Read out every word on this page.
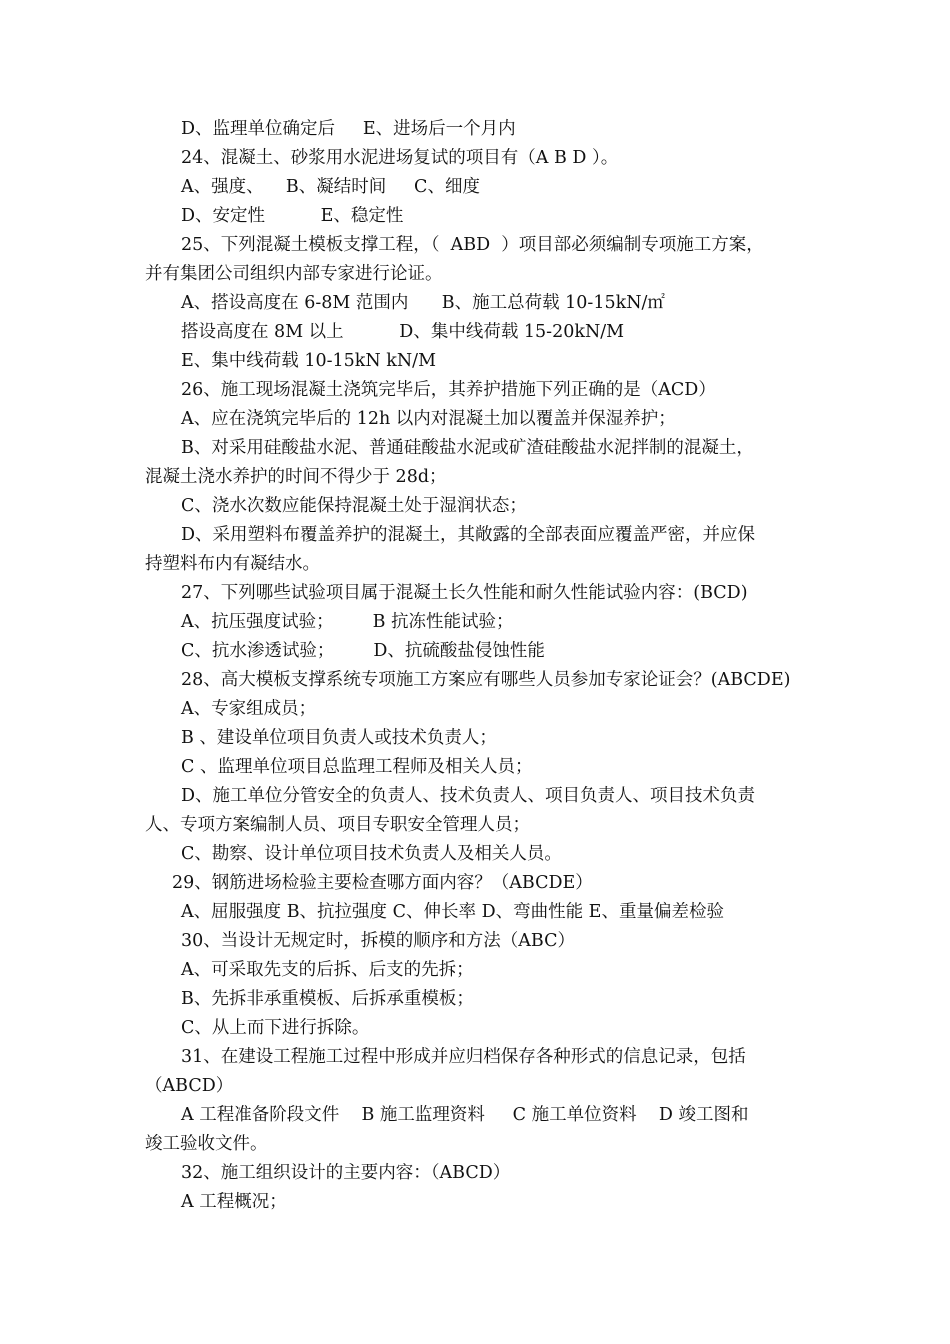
D、监理单位确定后     E、进场后一个月内
24、混凝土、砂浆用水泥进场复试的项目有（A B D ）。
A、强度、    B、凝结时间     C、细度
D、安定性          E、稳定性
25、下列混凝土模板支撑工程，（  ABD  ）项目部必须编制专项施工方案，
并有集团公司组织内部专家进行论证。
A、搭设高度在 6-8M 范围内      B、施工总荷载 10-15kN/㎡
搭设高度在 8M 以上          D、集中线荷载 15-20kN/M
E、集中线荷载 10-15kN kN/M
26、施工现场混凝土浇筑完毕后，其养护措施下列正确的是（ACD）
A、应在浇筑完毕后的 12h 以内对混凝土加以覆盖并保湿养护；
B、对采用硅酸盐水泥、普通硅酸盐水泥或矿渣硅酸盐水泥拌制的混凝土，
混凝土浇水养护的时间不得少于 28d；
C、浇水次数应能保持混凝土处于湿润状态；
D、采用塑料布覆盖养护的混凝土，其敞露的全部表面应覆盖严密，并应保
持塑料布内有凝结水。
27、下列哪些试验项目属于混凝土长久性能和耐久性能试验内容：(BCD)
A、抗压强度试验；       B 抗冻性能试验；
C、抗水渗透试验；       D、抗硫酸盐侵蚀性能
28、高大模板支撑系统专项施工方案应有哪些人员参加专家论证会？(ABCDE)
A、专家组成员；
B 、建设单位项目负责人或技术负责人；
C 、监理单位项目总监理工程师及相关人员；
D、施工单位分管安全的负责人、技术负责人、项目负责人、项目技术负责
人、专项方案编制人员、项目专职安全管理人员；
C、勘察、设计单位项目技术负责人及相关人员。
29、钢筋进场检验主要检查哪方面内容？（ABCDE）
A、屈服强度 B、抗拉强度 C、伸长率 D、弯曲性能 E、重量偏差检验
30、当设计无规定时，拆模的顺序和方法（ABC）
A、可采取先支的后拆、后支的先拆；
B、先拆非承重模板、后拆承重模板；
C、从上而下进行拆除。
31、在建设工程施工过程中形成并应归档保存各种形式的信息记录，包括
（ABCD）
A 工程准备阶段文件    B 施工监理资料     C 施工单位资料    D 竣工图和
竣工验收文件。
32、施工组织设计的主要内容：（ABCD）
A 工程概况；
